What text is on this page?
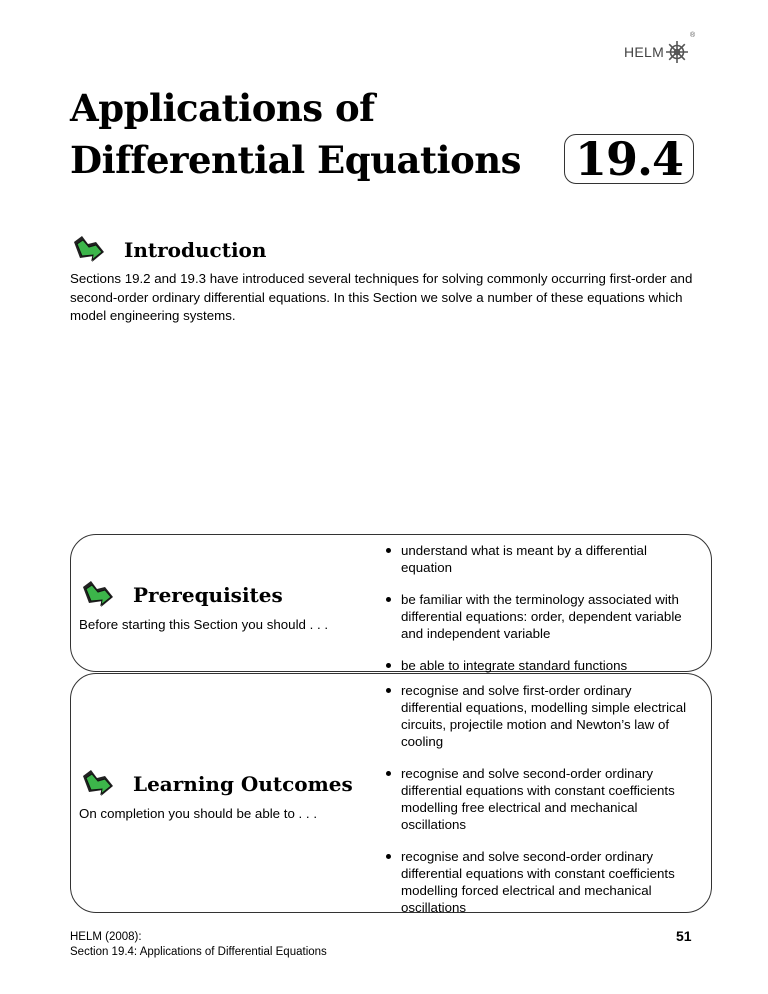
HELM
®
Applications of
Differential Equations 19.4
Introduction
Sections 19.2 and 19.3 have introduced several techniques for solving commonly occurring first-order and second-order ordinary differential equations. In this Section we solve a number of these equations which model engineering systems.
Prerequisites
Before starting this Section you should . . .
understand what is meant by a differential equation
be familiar with the terminology associated with differential equations: order, dependent variable and independent variable
be able to integrate standard functions
Learning Outcomes
On completion you should be able to . . .
recognise and solve first-order ordinary differential equations, modelling simple electrical circuits, projectile motion and Newton’s law of cooling
recognise and solve second-order ordinary differential equations with constant coefficients modelling free electrical and mechanical oscillations
recognise and solve second-order ordinary differential equations with constant coefficients modelling forced electrical and mechanical oscillations
HELM (2008):
Section 19.4: Applications of Differential Equations
51
